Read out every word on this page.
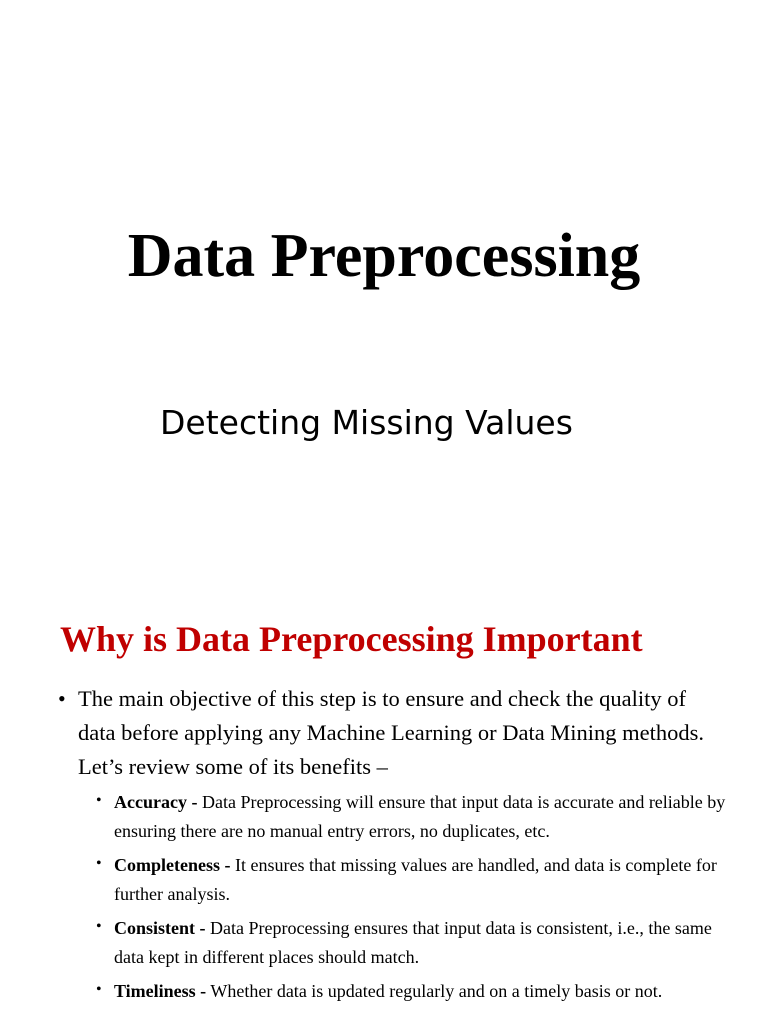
Data Preprocessing
Detecting Missing Values
Why is Data Preprocessing Important

• The main objective of this step is to ensure and check the quality of data before applying any Machine Learning or Data Mining methods. Let’s review some of its benefits –

• Accuracy - Data Preprocessing will ensure that input data is accurate and reliable by ensuring there are no manual entry errors, no duplicates, etc.
• Completeness - It ensures that missing values are handled, and data is complete for further analysis.
• Consistent - Data Preprocessing ensures that input data is consistent, i.e., the same data kept in different places should match.
• Timeliness - Whether data is updated regularly and on a timely basis or not.
